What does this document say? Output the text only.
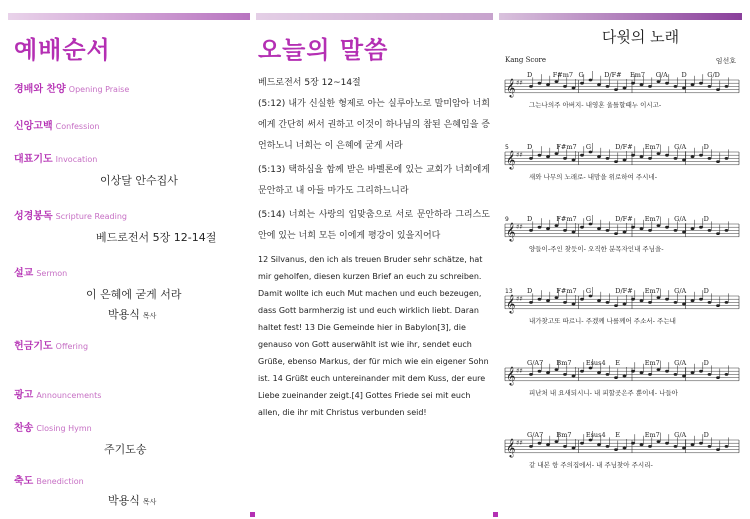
예배순서
경배와 찬양 Opening Praise
신앙고백 Confession
대표기도 Invocation
이상달 안수집사
성경봉독 Scripture Reading
베드로전서 5장 12-14절
설교 Sermon
이 은혜에 굳게 서라
박용식 목사
헌금기도 Offering
광고 Announcements
찬송 Closing Hymn
주기도송
축도 Benediction
박용식 목사
오늘의 말씀
베드로전서 5장 12~14절

(5:12) 내가 신실한 형제로 아는 실루아노로 말미암아 너희에게 간단히 써서 권하고 이것이 하나님의 참된 은혜임을 증언하노니 너희는 이 은혜에 굳게 서라

(5:13) 택하심을 함께 받은 바벨론에 있는 교회가 너희에게 문안하고 내 아들 마가도 그리하느니라

(5:14) 너희는 사랑의 입맞춤으로 서로 문안하라 그리스도 안에 있는 너희 모든 이에게 평강이 있을지어다

12 Silvanus, den ich als treuen Bruder sehr schätze, hat mir geholfen, diesen kurzen Brief an euch zu schreiben. Damit wollte ich euch Mut machen und euch bezeugen, dass Gott barmherzig ist und euch wirklich liebt. Daran haltet fest! 13 Die Gemeinde hier in Babylon[3], die genauso von Gott auserwählt ist wie ihr, sendet euch Grüße, ebenso Markus, der für mich wie ein eigener Sohn ist. 14 Grüßt euch untereinander mit dem Kuss, der eure Liebe zueinander zeigt.[4] Gottes Friede sei mit euch allen, die ihr mit Christus verbunden seid!
다윗의 노래
Kang Score	임선호
D	F#m7 G	D/F# Em7 G/A D	G/D
𝄞 ♯♯
그는나의주 아버지- 내영혼 울틀할때누 이시고-
5	D	F#m7 G	D/F# Em7 G/A	D
𝄞 ♯♯
새와 나무의 노래로- 내맘을 위로하여 주시네-
9	D	F#m7 G	D/F# Em7 G/A	D
𝄞 ♯♯
양들이-주인 찾듯이- 오직한 분목자인내 주님을-
13 D	F#m7 G	D/F# Em7 G/A	D
𝄞 ♯♯
내가찾고또 따르니- 주겠께 나를께어 주소서- 주는내
G/A7 Bm7 Esus4 E	Em7 G/A	D
𝄞 ♯♯
피난처 내 요새되시니- 내 피할곳은주 뿐이네- 나들아
G/A7 Bm7 Esus4 E	Em7 G/A	D
𝄞 ♯♯
같 내본 항 주의집에서- 내 주님찾아 주시리-
